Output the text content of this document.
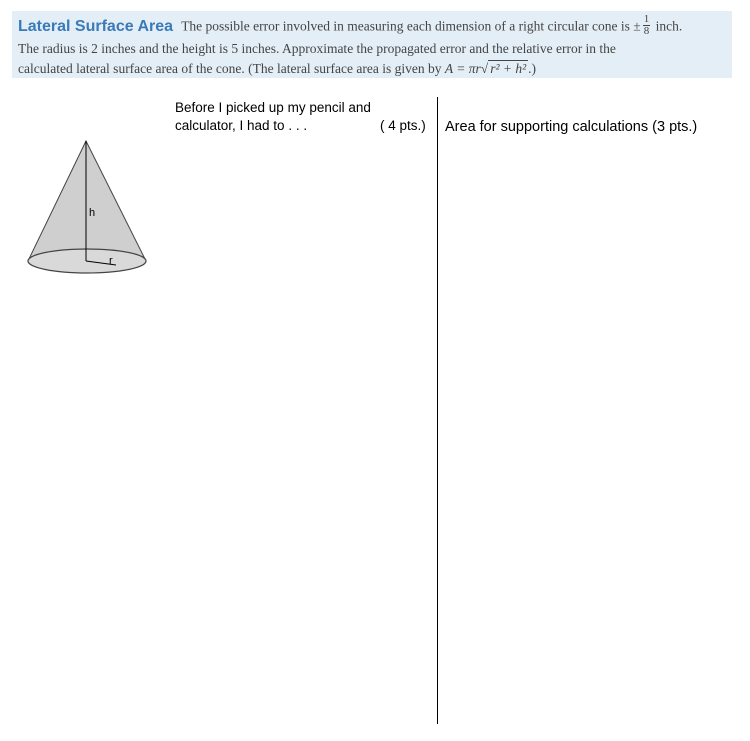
Lateral Surface Area The possible error involved in measuring each dimension of a right circular cone is ± $\frac{1}{8}$ inch.
The radius is 2 inches and the height is 5 inches. Approximate the propagated error and the relative error in the
calculated lateral surface area of the cone. (The lateral surface area is given by A = πr√ r² + h² .)
h
r
Before I picked up my pencil and
calculator, I had to . . .	( 4 pts.) Area for supporting calculations (3 pts.)
